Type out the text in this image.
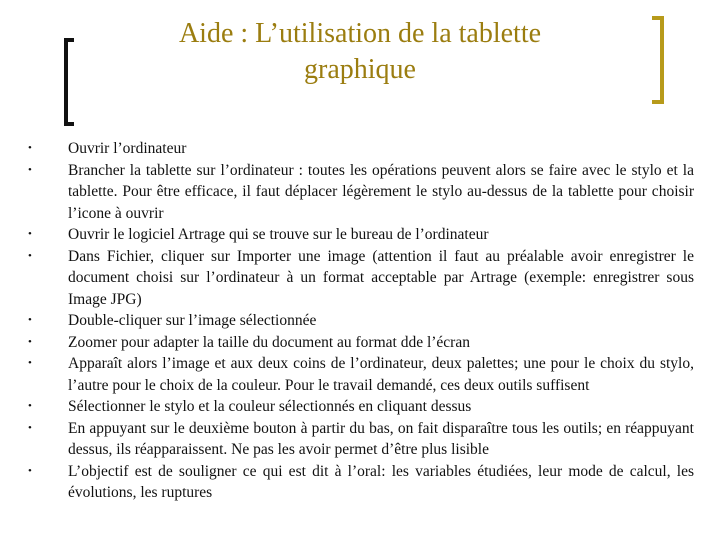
Aide : L’utilisation de la tablette
graphique
•	Ouvrir l’ordinateur
•	Brancher la tablette sur l’ordinateur : toutes les opérations peuvent alors se faire avec le stylo et la tablette. Pour être efficace, il faut déplacer légèrement le stylo au-dessus de la tablette pour choisir l’icone à ouvrir
•	Ouvrir le logiciel Artrage qui se trouve sur le bureau de l’ordinateur
•	Dans Fichier, cliquer sur Importer une image (attention il faut au préalable avoir enregistrer le document choisi sur l’ordinateur à un format acceptable par Artrage (exemple: enregistrer sous Image JPG)
•	Double-cliquer sur l’image sélectionnée
•	Zoomer pour adapter la taille du document au format dde l’écran
•	Apparaît alors l’image et aux deux coins de l’ordinateur, deux palettes; une pour le choix du stylo, l’autre pour le choix de la couleur. Pour le travail demandé, ces deux outils suffisent
•	Sélectionner le stylo et la couleur sélectionnés en cliquant dessus
•	En appuyant sur le deuxième bouton à partir du bas, on fait disparaître tous les outils; en réappuyant dessus, ils réapparaissent. Ne pas les avoir permet d’être plus lisible
•	L’objectif est de souligner ce qui est dit à l’oral: les variables étudiées, leur mode de calcul, les évolutions, les ruptures
